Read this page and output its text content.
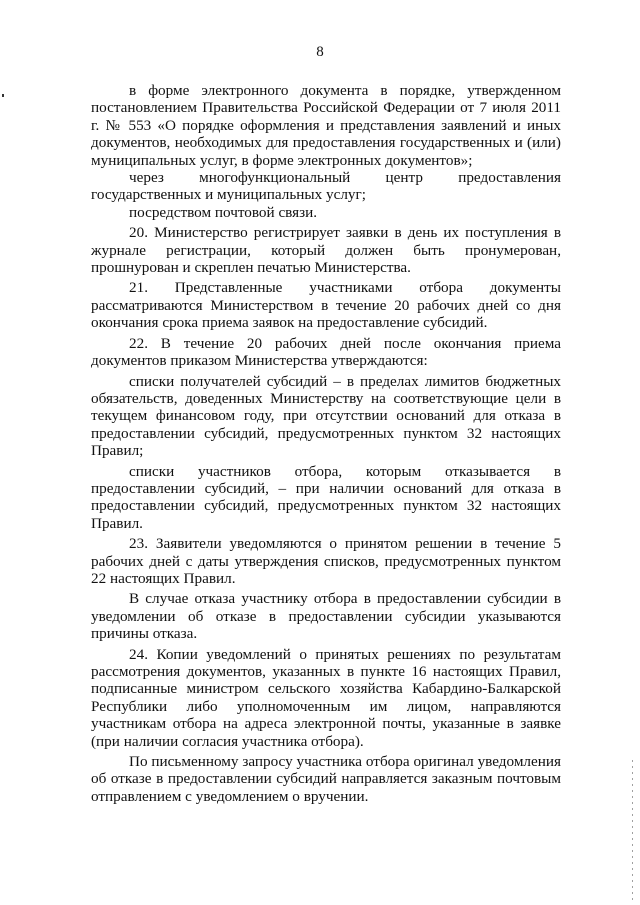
8

в форме электронного документа в порядке, утвержденном постановлением Правительства Российской Федерации от 7 июля 2011 г. № 553 «О порядке оформления и представления заявлений и иных документов, необходимых для предоставления государственных и (или) муниципальных услуг, в форме электронных документов»;

через многофункциональный центр предоставления государственных и муниципальных услуг;

посредством почтовой связи.

20. Министерство регистрирует заявки в день их поступления в журнале регистрации, который должен быть пронумерован, прошнурован и скреплен печатью Министерства.

21. Представленные участниками отбора документы рассматриваются Министерством в течение 20 рабочих дней со дня окончания срока приема заявок на предоставление субсидий.

22. В течение 20 рабочих дней после окончания приема документов приказом Министерства утверждаются:

списки получателей субсидий – в пределах лимитов бюджетных обязательств, доведенных Министерству на соответствующие цели в текущем финансовом году, при отсутствии оснований для отказа в предоставлении субсидий, предусмотренных пунктом 32 настоящих Правил;

списки участников отбора, которым отказывается в предоставлении субсидий, – при наличии оснований для отказа в предоставлении субсидий, предусмотренных пунктом 32 настоящих Правил.

23. Заявители уведомляются о принятом решении в течение 5 рабочих дней с даты утверждения списков, предусмотренных пунктом 22 настоящих Правил.

В случае отказа участнику отбора в предоставлении субсидии в уведомлении об отказе в предоставлении субсидии указываются причины отказа.

24. Копии уведомлений о принятых решениях по результатам рассмотрения документов, указанных в пункте 16 настоящих Правил, подписанные министром сельского хозяйства Кабардино-Балкарской Республики либо уполномоченным им лицом, направляются участникам отбора на адреса электронной почты, указанные в заявке (при наличии согласия участника отбора).

По письменному запросу участника отбора оригинал уведомления об отказе в предоставлении субсидий направляется заказным почтовым отправлением с уведомлением о вручении.
